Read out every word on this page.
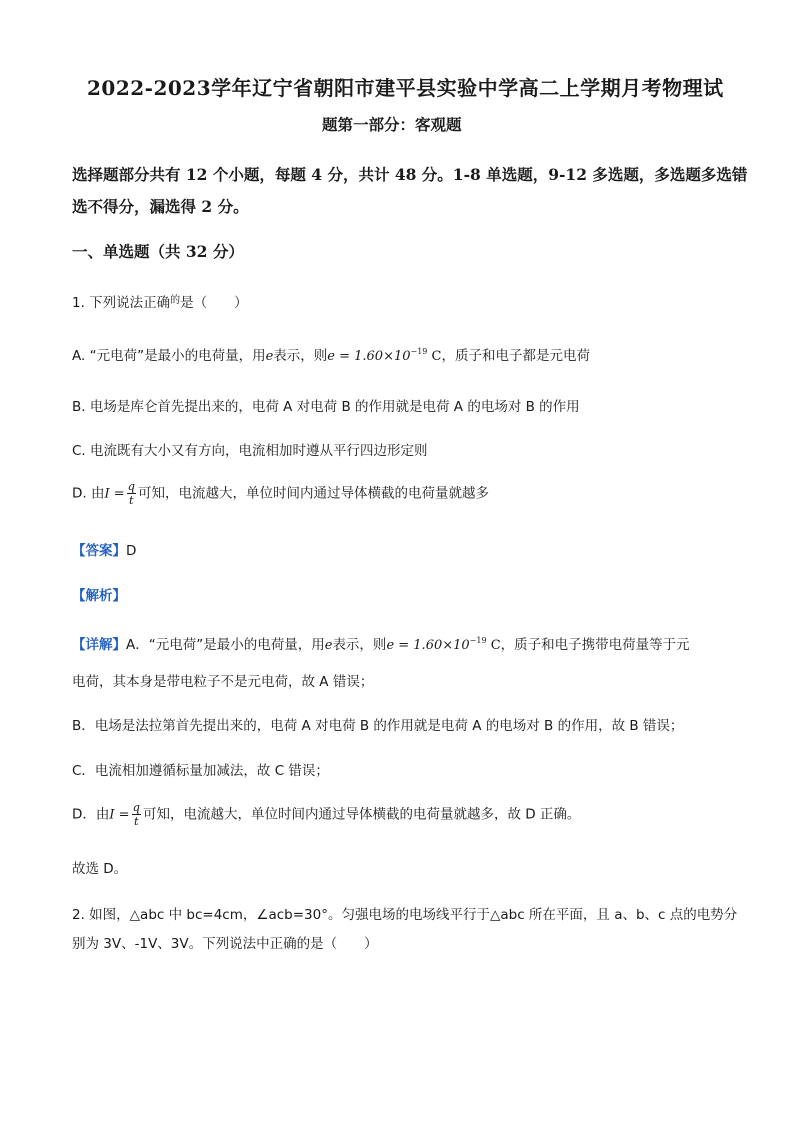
2022-2023学年辽宁省朝阳市建平县实验中学高二上学期月考物理试
题第一部分：客观题
选择题部分共有 12 个小题，每题 4 分，共计 48 分。1-8 单选题，9-12 多选题，多选题多选错
选不得分，漏选得 2 分。
一、单选题（共 32 分）
1. 下列说法正确$^的$是（　　）
A. “元电荷”是最小的电荷量，用e表示，则$e = 1.60\times 10^{-19}$ C，质子和电子都是元电荷
B. 电场是库仑首先提出来的，电荷 A 对电荷 B 的作用就是电荷 A 的电场对 B 的作用
C. 电流既有大小又有方向，电流相加时遵从平行四边形定则
D. 由$I = \frac{q}{t}$ 可知，电流越大，单位时间内通过导体横截的电荷量就越多
【答案】D
【解析】
【详解】A．“元电荷”是最小的电荷量，用e表示，则$e = 1.60\times 10^{-19}$ C，质子和电子携带电荷量等于元
电荷，其本身是带电粒子不是元电荷，故 A 错误；
B．电场是法拉第首先提出来的，电荷 A 对电荷 B 的作用就是电荷 A 的电场对 B 的作用，故 B 错误；
C．电流相加遵循标量加减法，故 C 错误；
D．由$I = \frac{q}{t}$ 可知，电流越大，单位时间内通过导体横截的电荷量就越多，故 D 正确。
故选 D。
2. 如图，△abc 中 bc=4cm，∠acb=30°。匀强电场的电场线平行于△abc 所在平面，且 a、b、c 点的电势分
别为 3V、-1V、3V。下列说法中正确的是（　　）
